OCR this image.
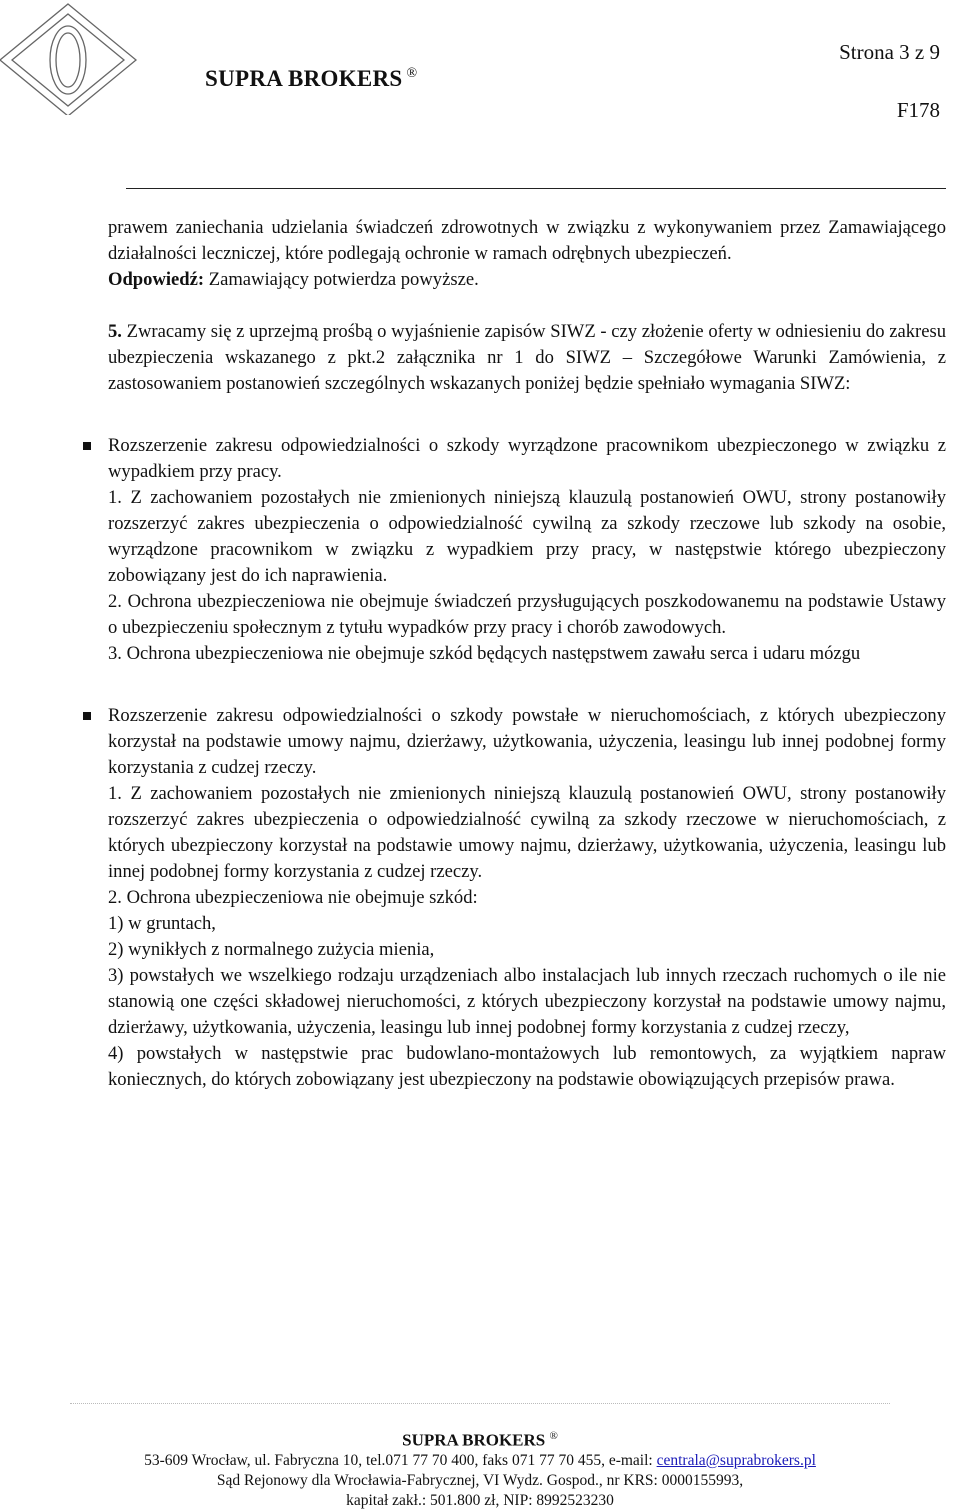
SUPRA BROKERS ®
Strona 3 z 9
F178

prawem zaniechania udzielania świadczeń zdrowotnych w związku z wykonywaniem przez Zamawiającego działalności leczniczej, które podlegają ochronie w ramach odrębnych ubezpieczeń.

Odpowiedź: Zamawiający potwierdza powyższe.

5. Zwracamy się z uprzejmą prośbą o wyjaśnienie zapisów SIWZ - czy złożenie oferty w odniesieniu do zakresu ubezpieczenia wskazanego z pkt.2 załącznika nr 1 do SIWZ – Szczegółowe Warunki Zamówienia, z zastosowaniem postanowień szczególnych wskazanych poniżej będzie spełniało wymagania SIWZ:

Rozszerzenie zakresu odpowiedzialności o szkody wyrządzone pracownikom ubezpieczonego w związku z wypadkiem przy pracy.

1. Z zachowaniem pozostałych nie zmienionych niniejszą klauzulą postanowień OWU, strony postanowiły rozszerzyć zakres ubezpieczenia o odpowiedzialność cywilną za szkody rzeczowe lub szkody na osobie, wyrządzone pracownikom w związku z wypadkiem przy pracy, w następstwie którego ubezpieczony zobowiązany jest do ich naprawienia.

2. Ochrona ubezpieczeniowa nie obejmuje świadczeń przysługujących poszkodowanemu na podstawie Ustawy o ubezpieczeniu społecznym z tytułu wypadków przy pracy i chorób zawodowych.

3. Ochrona ubezpieczeniowa nie obejmuje szkód będących następstwem zawału serca i udaru mózgu

Rozszerzenie zakresu odpowiedzialności o szkody powstałe w nieruchomościach, z których ubezpieczony korzystał na podstawie umowy najmu, dzierżawy, użytkowania, użyczenia, leasingu lub innej podobnej formy korzystania z cudzej rzeczy.

1. Z zachowaniem pozostałych nie zmienionych niniejszą klauzulą postanowień OWU, strony postanowiły rozszerzyć zakres ubezpieczenia o odpowiedzialność cywilną za szkody rzeczowe w nieruchomościach, z których ubezpieczony korzystał na podstawie umowy najmu, dzierżawy, użytkowania, użyczenia, leasingu lub innej podobnej formy korzystania z cudzej rzeczy.

2. Ochrona ubezpieczeniowa nie obejmuje szkód:

1) w gruntach,

2) wynikłych z normalnego zużycia mienia,

3) powstałych we wszelkiego rodzaju urządzeniach albo instalacjach lub innych rzeczach ruchomych o ile nie stanowią one części składowej nieruchomości, z których ubezpieczony korzystał na podstawie umowy najmu, dzierżawy, użytkowania, użyczenia, leasingu lub innej podobnej formy korzystania z cudzej rzeczy,

4) powstałych w następstwie prac budowlano-montażowych lub remontowych, za wyjątkiem napraw koniecznych, do których zobowiązany jest ubezpieczony na podstawie obowiązujących przepisów prawa.

SUPRA BROKERS ®
53-609 Wrocław, ul. Fabryczna 10, tel.071 77 70 400, faks 071 77 70 455, e-mail: centrala@suprabrokers.pl
Sąd Rejonowy dla Wrocławia-Fabrycznej, VI Wydz. Gospod., nr KRS: 0000155993,
kapitał zakł.: 501.800 zł, NIP: 8992523230
